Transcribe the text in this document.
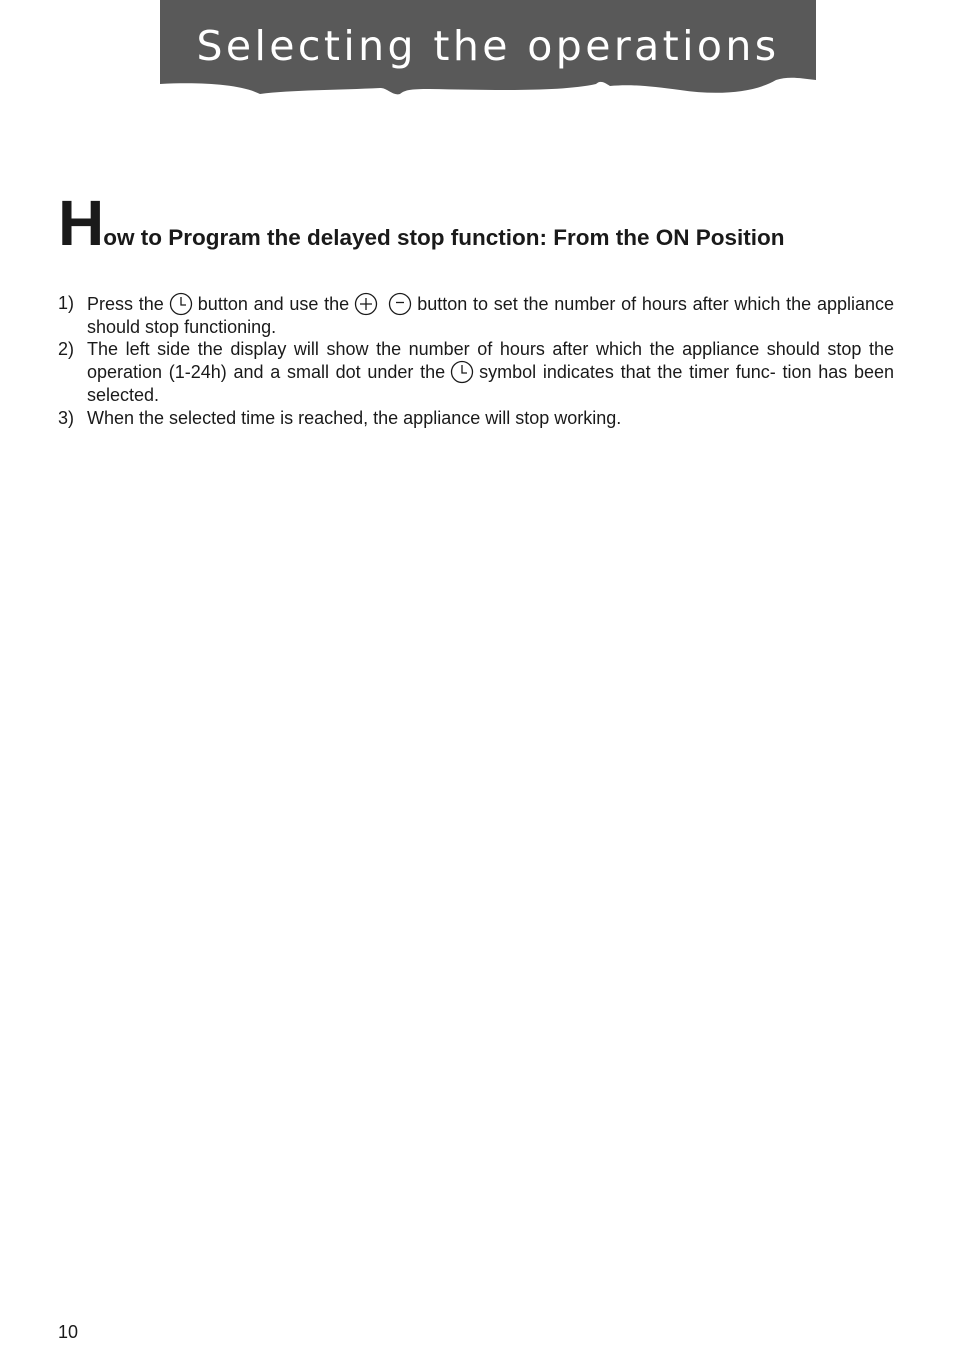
Selecting the operations
How to Program the delayed stop function: From the ON Position
1) Press the button and use the	button to set the number of hours after which the appliance should stop functioning.
2) The left side the display will show the number of hours after which the appliance should stop the operation (1-24h) and a small dot under the symbol indicates that the timer func- tion has been selected.
3) When the selected time is reached, the appliance will stop working.
10
